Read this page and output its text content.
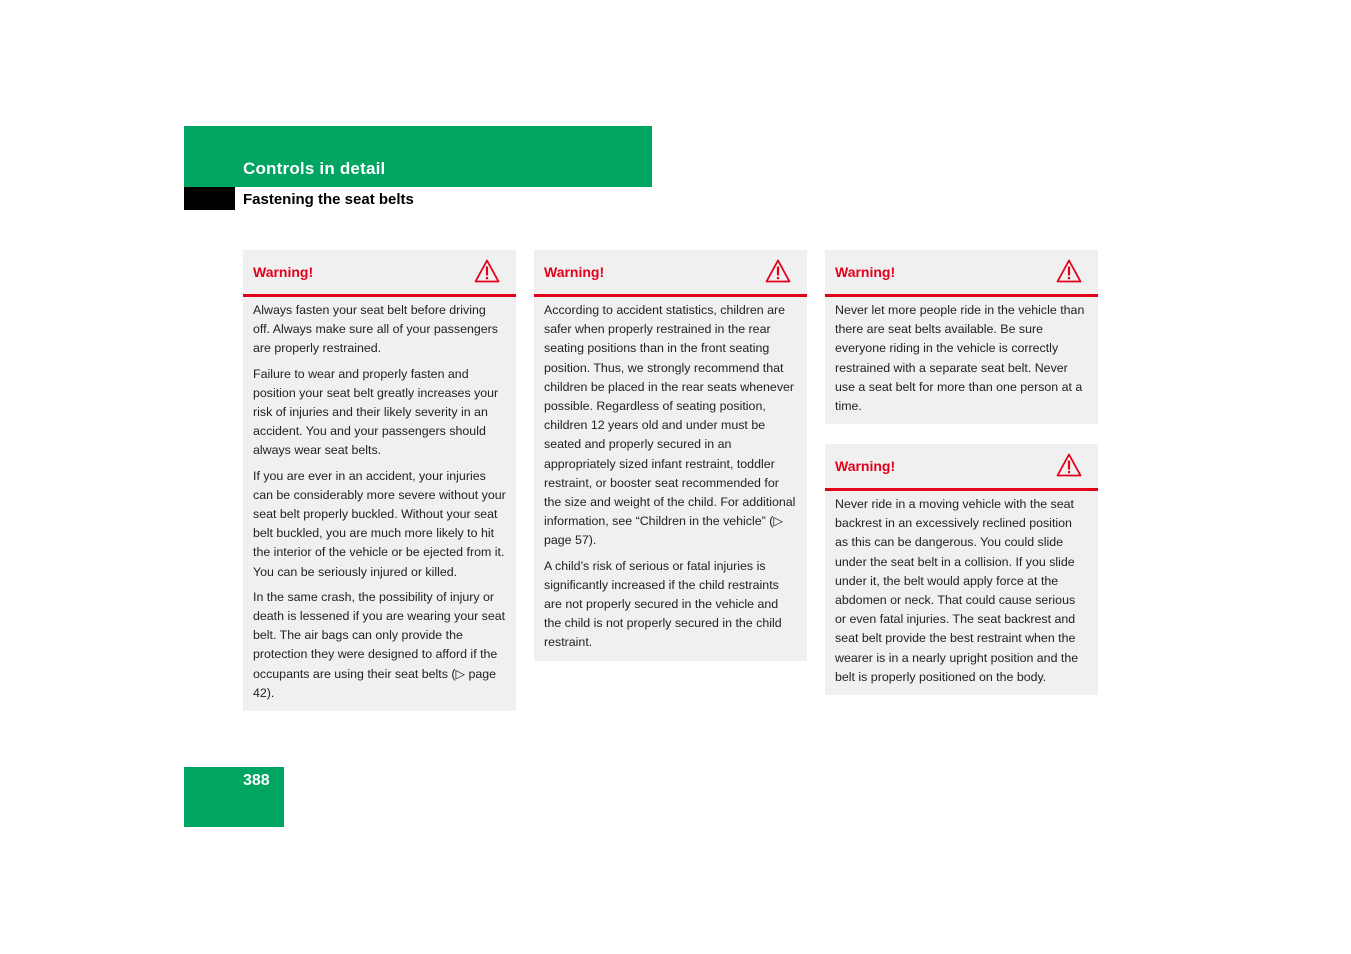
Controls in detail
Fastening the seat belts
Warning!

Always fasten your seat belt before driving off. Always make sure all of your passengers are properly restrained.

Failure to wear and properly fasten and position your seat belt greatly increases your risk of injuries and their likely severity in an accident. You and your passengers should always wear seat belts.

If you are ever in an accident, your injuries can be considerably more severe without your seat belt properly buckled. Without your seat belt buckled, you are much more likely to hit the interior of the vehicle or be ejected from it. You can be seriously injured or killed.

In the same crash, the possibility of injury or death is lessened if you are wearing your seat belt. The air bags can only provide the protection they were designed to afford if the occupants are using their seat belts (▷ page 42).

Warning!

According to accident statistics, children are safer when properly restrained in the rear seating positions than in the front seating position. Thus, we strongly recommend that children be placed in the rear seats whenever possible. Regardless of seating position, children 12 years old and under must be seated and properly secured in an appropriately sized infant restraint, toddler restraint, or booster seat recommended for the size and weight of the child. For additional information, see “Children in the vehicle” (▷ page 57).

A child’s risk of serious or fatal injuries is significantly increased if the child restraints are not properly secured in the vehicle and the child is not properly secured in the child restraint.

Warning!

Never let more people ride in the vehicle than there are seat belts available. Be sure everyone riding in the vehicle is correctly restrained with a separate seat belt. Never use a seat belt for more than one person at a time.

Warning!

Never ride in a moving vehicle with the seat backrest in an excessively reclined position as this can be dangerous. You could slide under the seat belt in a collision. If you slide under it, the belt would apply force at the abdomen or neck. That could cause serious or even fatal injuries. The seat backrest and seat belt provide the best restraint when the wearer is in a nearly upright position and the belt is properly positioned on the body.

388
